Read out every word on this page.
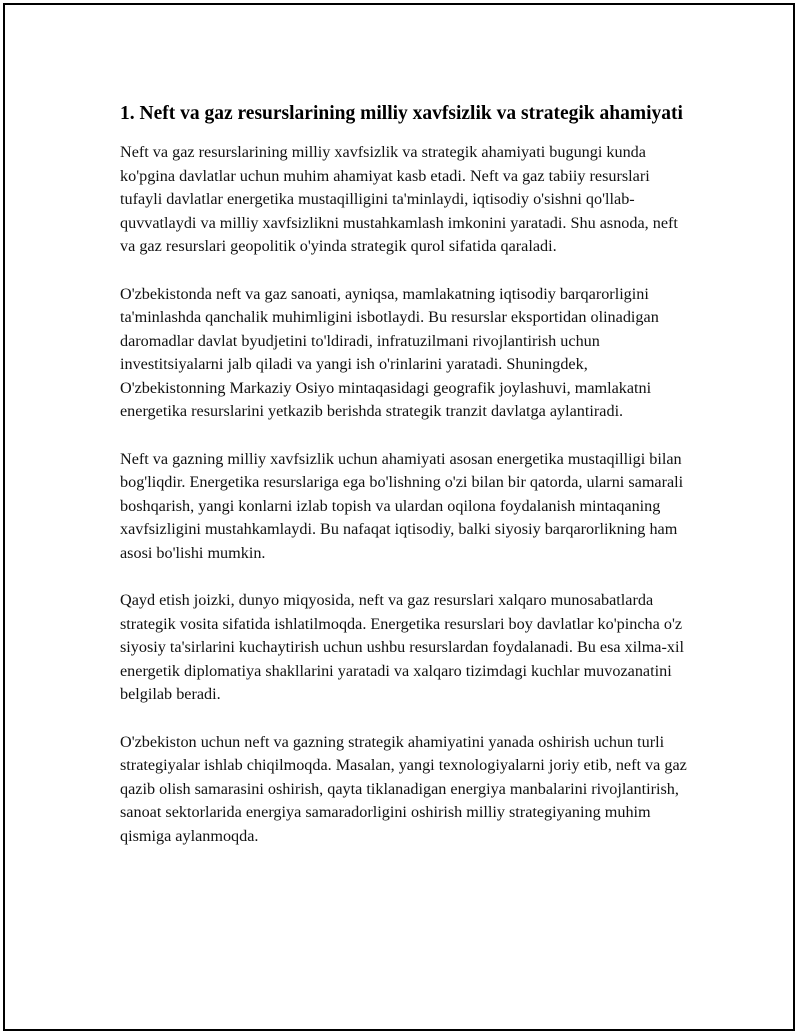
1. Neft va gaz resurslarining milliy xavfsizlik va strategik ahamiyati

Neft va gaz resurslarining milliy xavfsizlik va strategik ahamiyati bugungi kunda ko'pgina davlatlar uchun muhim ahamiyat kasb etadi. Neft va gaz tabiiy resurslari tufayli davlatlar energetika mustaqilligini ta'minlaydi, iqtisodiy o'sishni qo'llab-quvvatlaydi va milliy xavfsizlikni mustahkamlash imkonini yaratadi. Shu asnoda, neft va gaz resurslari geopolitik o'yinda strategik qurol sifatida qaraladi.

O'zbekistonda neft va gaz sanoati, ayniqsa, mamlakatning iqtisodiy barqarorligini ta'minlashda qanchalik muhimligini isbotlaydi. Bu resurslar eksportidan olinadigan daromadlar davlat byudjetini to'ldiradi, infratuzilmani rivojlantirish uchun investitsiyalarni jalb qiladi va yangi ish o'rinlarini yaratadi. Shuningdek, O'zbekistonning Markaziy Osiyo mintaqasidagi geografik joylashuvi, mamlakatni energetika resurslarini yetkazib berishda strategik tranzit davlatga aylantiradi.

Neft va gazning milliy xavfsizlik uchun ahamiyati asosan energetika mustaqilligi bilan bog'liqdir. Energetika resurslariga ega bo'lishning o'zi bilan bir qatorda, ularni samarali boshqarish, yangi konlarni izlab topish va ulardan oqilona foydalanish mintaqaning xavfsizligini mustahkamlaydi. Bu nafaqat iqtisodiy, balki siyosiy barqarorlikning ham asosi bo'lishi mumkin.

Qayd etish joizki, dunyo miqyosida, neft va gaz resurslari xalqaro munosabatlarda strategik vosita sifatida ishlatilmoqda. Energetika resurslari boy davlatlar ko'pincha o'z siyosiy ta'sirlarini kuchaytirish uchun ushbu resurslardan foydalanadi. Bu esa xilma-xil energetik diplomatiya shakllarini yaratadi va xalqaro tizimdagi kuchlar muvozanatini belgilab beradi.

O'zbekiston uchun neft va gazning strategik ahamiyatini yanada oshirish uchun turli strategiyalar ishlab chiqilmoqda. Masalan, yangi texnologiyalarni joriy etib, neft va gaz qazib olish samarasini oshirish, qayta tiklanadigan energiya manbalarini rivojlantirish, sanoat sektorlarida energiya samaradorligini oshirish milliy strategiyaning muhim qismiga aylanmoqda.
